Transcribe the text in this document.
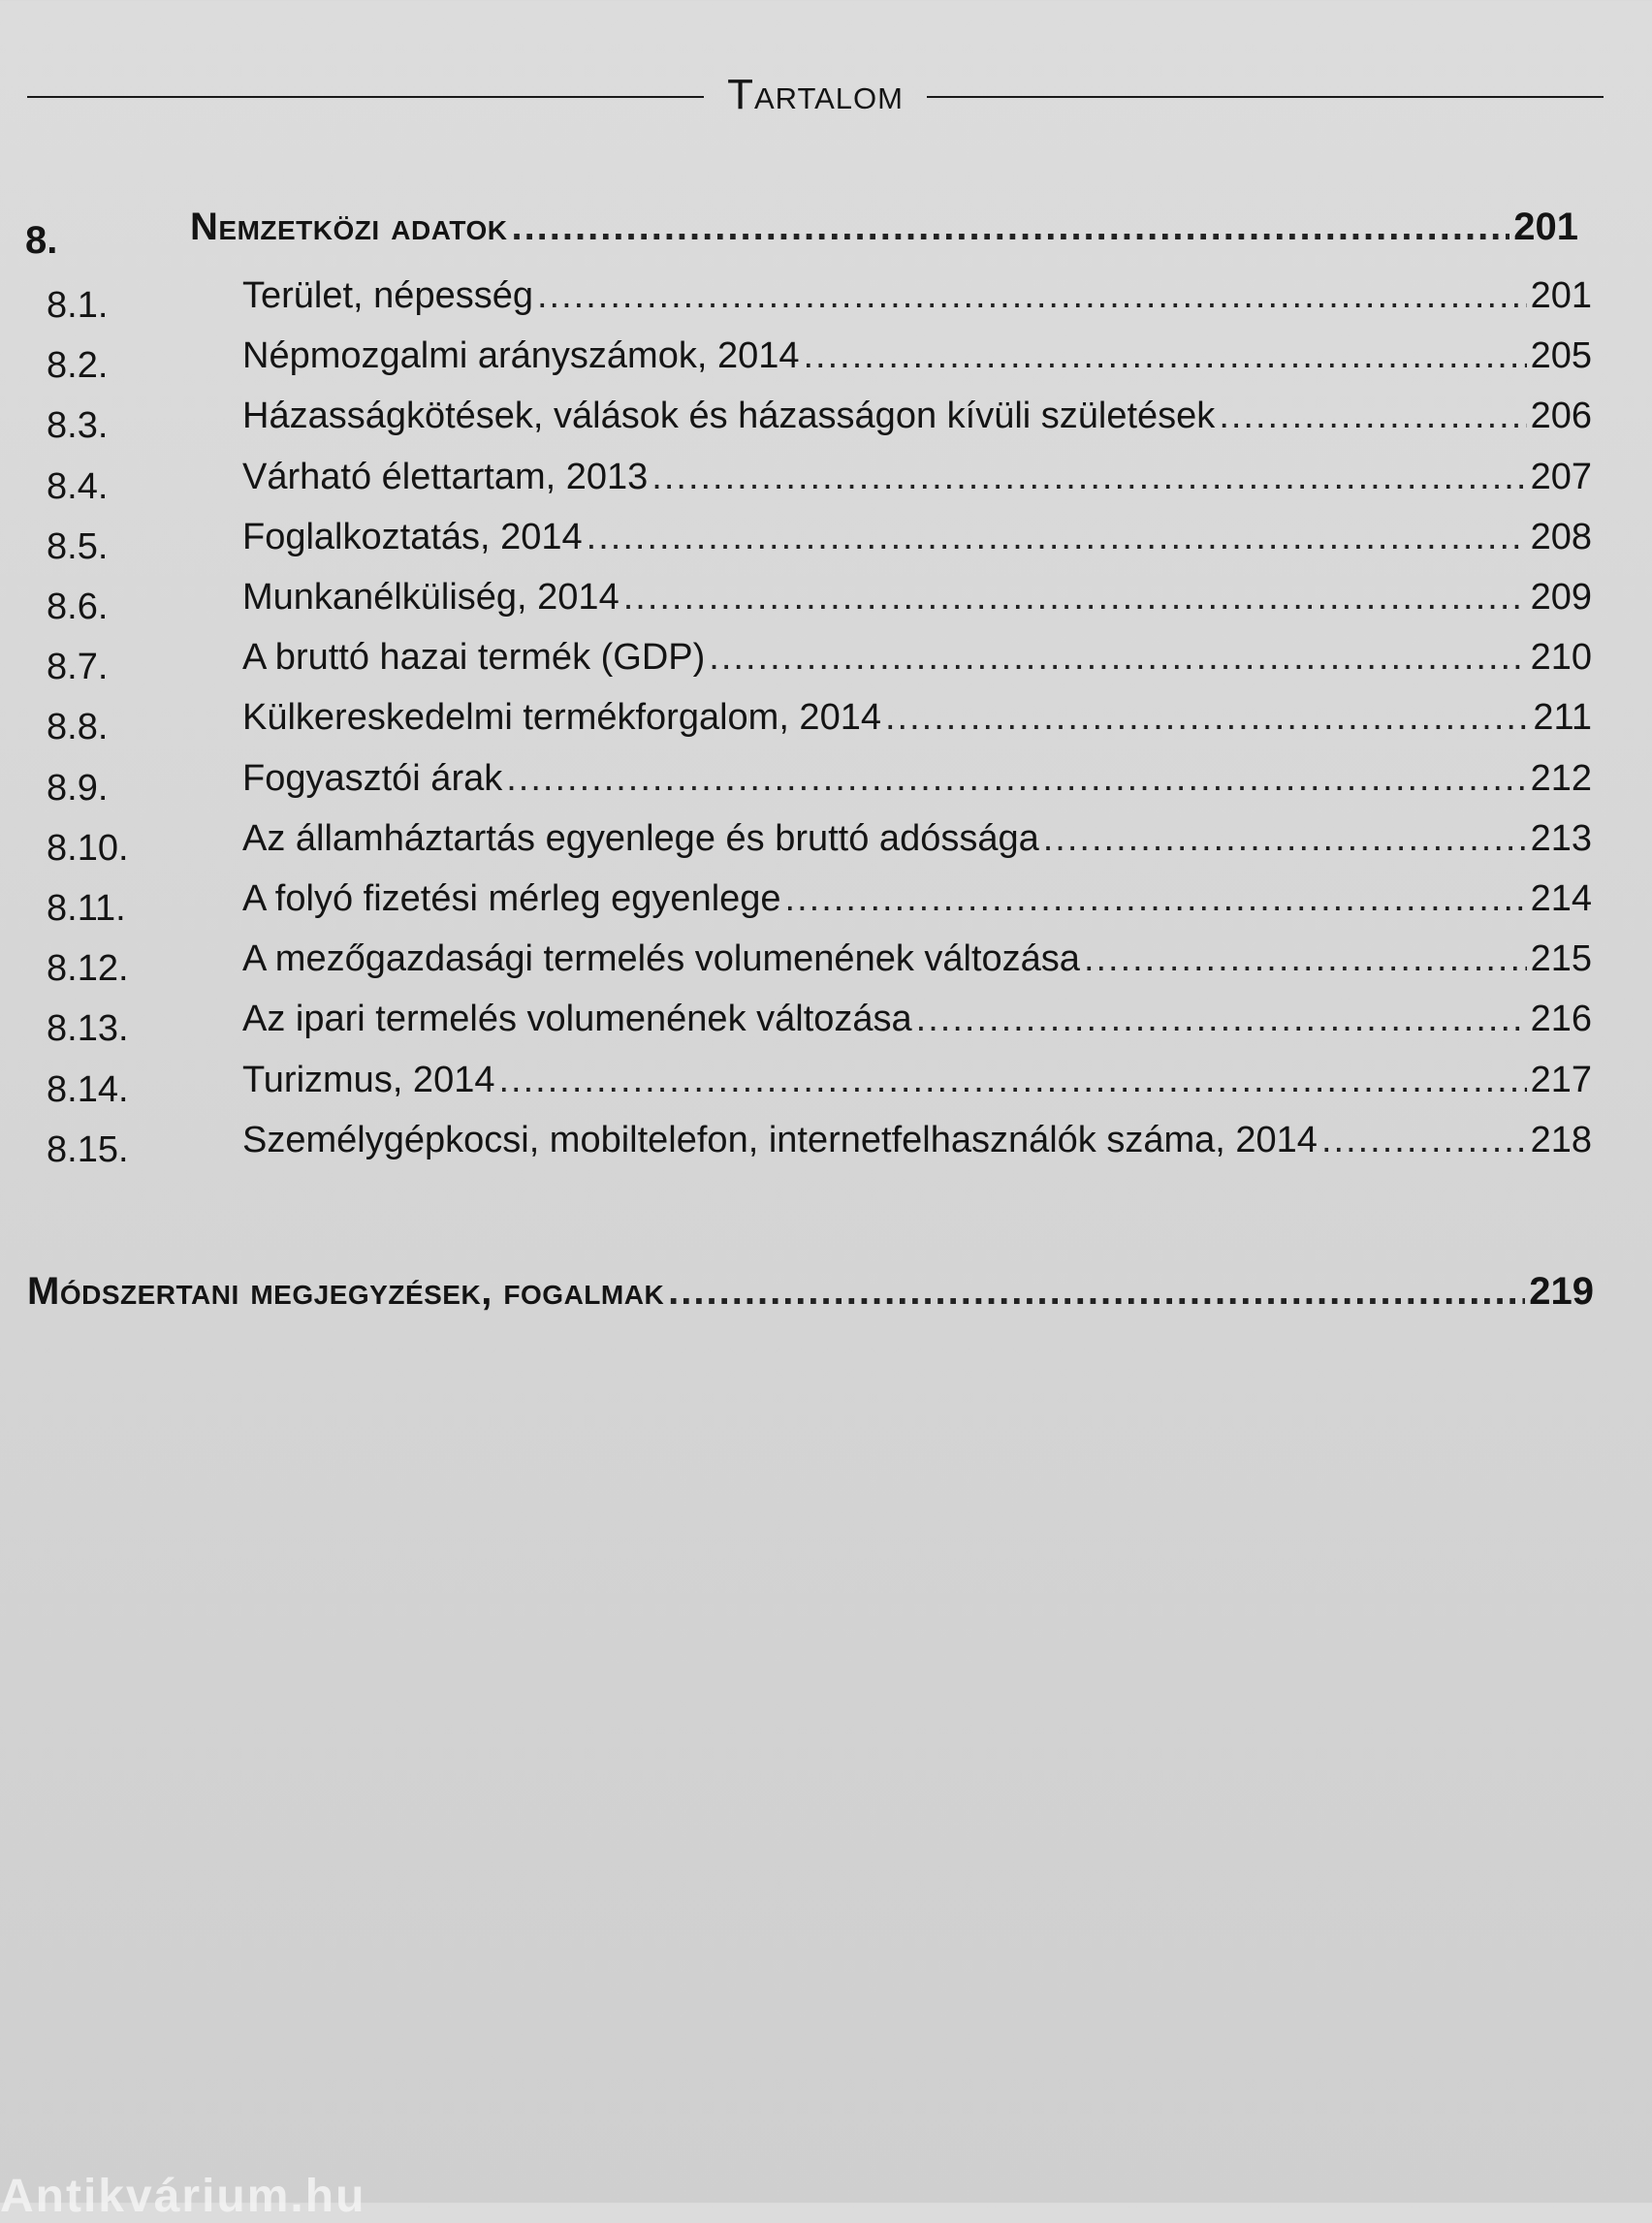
Tartalom
8.	Nemzetközi adatok .....	201
8.1.	Terület, népesség .....	201
8.2.	Népmozgalmi arányszámok, 2014 .....	205
8.3.	Házasságkötések, válások és házasságon kívüli születések .....	206
8.4.	Várható élettartam, 2013 .....	207
8.5.	Foglalkoztatás, 2014 .....	208
8.6.	Munkanélküliség, 2014 .....	209
8.7.	A bruttó hazai termék (GDP) .....	210
8.8.	Külkereskedelmi termékforgalom, 2014 .....	211
8.9.	Fogyasztói árak .....	212
8.10.	Az államháztartás egyenlege és bruttó adóssága .....	213
8.11.	A folyó fizetési mérleg egyenlege .....	214
8.12.	A mezőgazdasági termelés volumenének változása .....	215
8.13.	Az ipari termelés volumenének változása .....	216
8.14.	Turizmus, 2014 .....	217
8.15.	Személygépkocsi, mobiltelefon, internetfelhasználók száma, 2014 .....	218
Módszertani megjegyzések, fogalmak .....	219
Antikvárium.hu
